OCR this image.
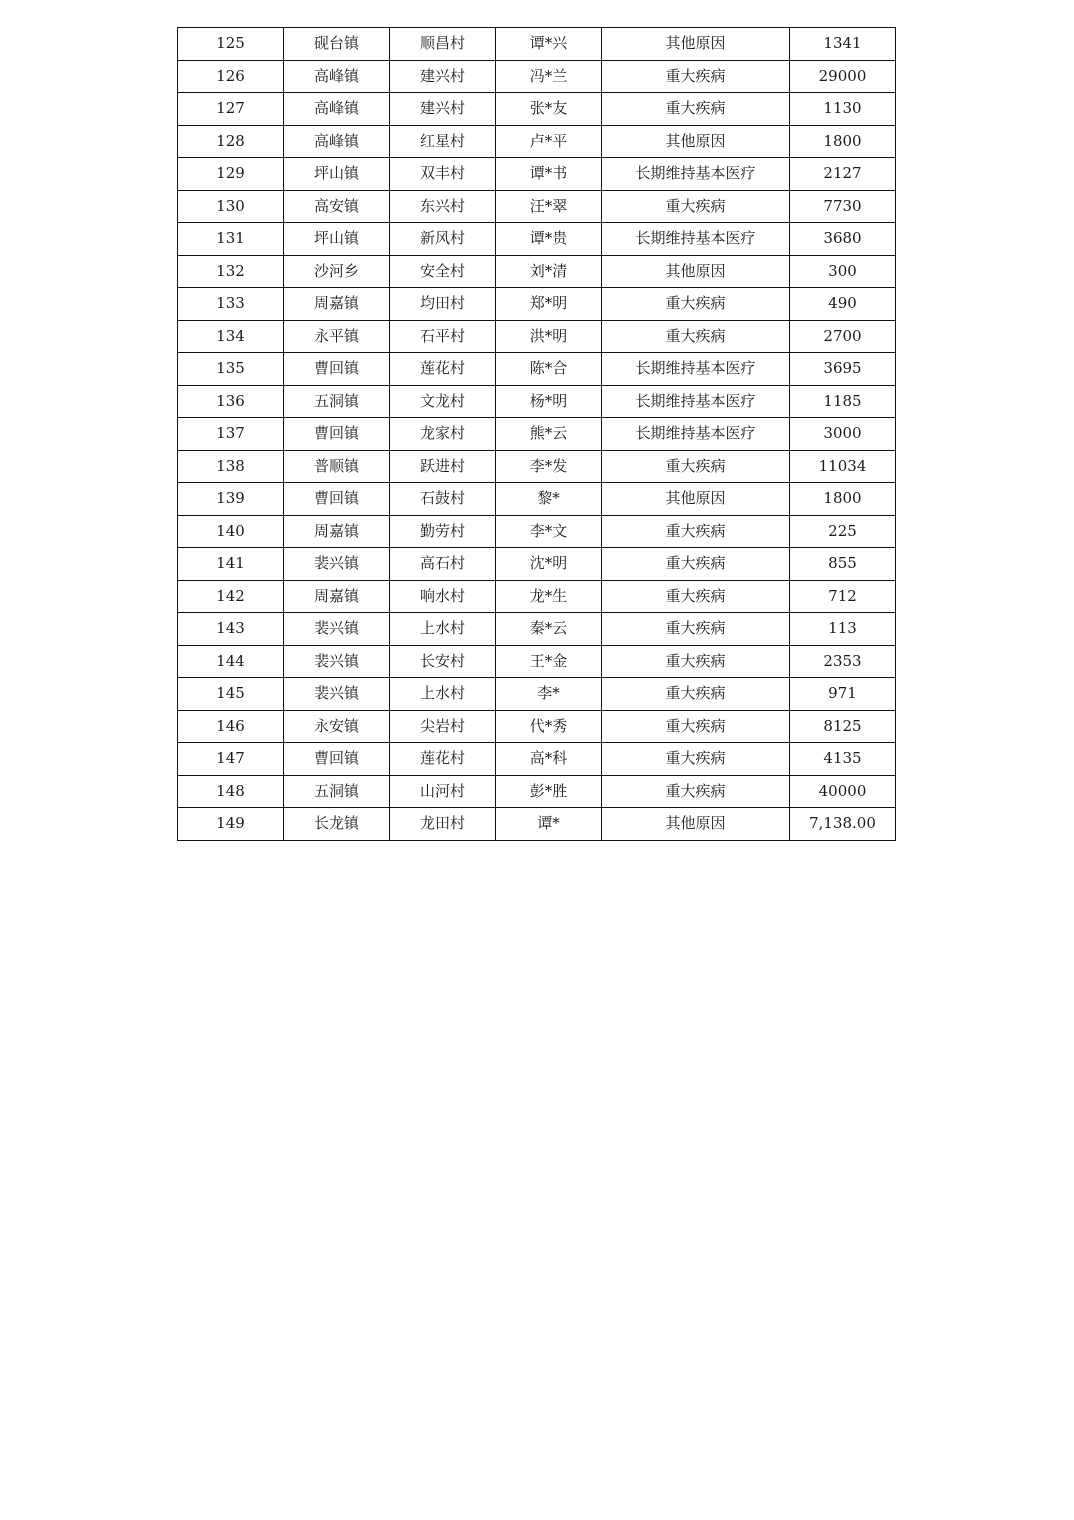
125	砚台镇	顺昌村	谭*兴	其他原因	1341
126	高峰镇	建兴村	冯*兰	重大疾病	29000
127	高峰镇	建兴村	张*友	重大疾病	1130
128	高峰镇	红星村	卢*平	其他原因	1800
129	坪山镇	双丰村	谭*书	长期维持基本医疗	2127
130	高安镇	东兴村	汪*翠	重大疾病	7730
131	坪山镇	新风村	谭*贵	长期维持基本医疗	3680
132	沙河乡	安全村	刘*清	其他原因	300
133	周嘉镇	均田村	郑*明	重大疾病	490
134	永平镇	石平村	洪*明	重大疾病	2700
135	曹回镇	莲花村	陈*合	长期维持基本医疗	3695
136	五洞镇	文龙村	杨*明	长期维持基本医疗	1185
137	曹回镇	龙家村	熊*云	长期维持基本医疗	3000
138	普顺镇	跃进村	李*发	重大疾病	11034
139	曹回镇	石鼓村	黎*	其他原因	1800
140	周嘉镇	勤劳村	李*文	重大疾病	225
141	裴兴镇	高石村	沈*明	重大疾病	855
142	周嘉镇	响水村	龙*生	重大疾病	712
143	裴兴镇	上水村	秦*云	重大疾病	113
144	裴兴镇	长安村	王*金	重大疾病	2353
145	裴兴镇	上水村	李*	重大疾病	971
146	永安镇	尖岩村	代*秀	重大疾病	8125
147	曹回镇	莲花村	高*科	重大疾病	4135
148	五洞镇	山河村	彭*胜	重大疾病	40000
149	长龙镇	龙田村	谭*	其他原因	7,138.00
